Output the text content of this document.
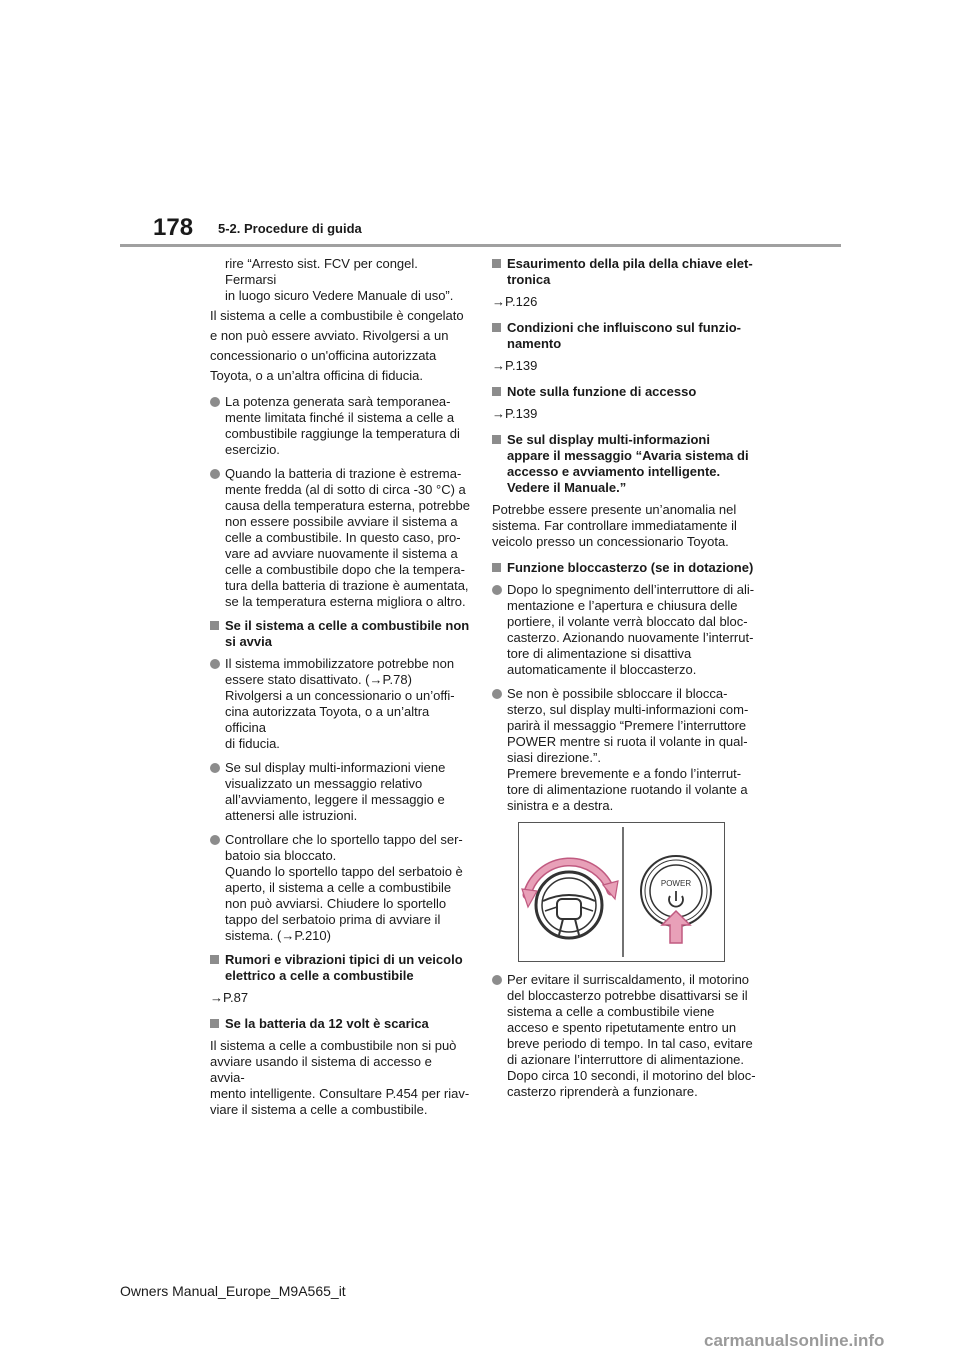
178 5-2. Procedure di guida

rire “Arresto sist. FCV per congel. Fermarsi
in luogo sicuro Vedere Manuale di uso”.

Il sistema a celle a combustibile è congelato

e non può essere avviato. Rivolgersi a un

concessionario o un'officina autorizzata

Toyota, o a un’altra officina di fiducia.

La potenza generata sarà temporanea-
mente limitata finché il sistema a celle a
combustibile raggiunge la temperatura di
esercizio.
Quando la batteria di trazione è estrema-
mente fredda (al di sotto di circa -30 °C) a
causa della temperatura esterna, potrebbe
non essere possibile avviare il sistema a
celle a combustibile. In questo caso, pro-
vare ad avviare nuovamente il sistema a
celle a combustibile dopo che la tempera-
tura della batteria di trazione è aumentata,
se la temperatura esterna migliora o altro.
Se il sistema a celle a combustibile non
si avvia
Il sistema immobilizzatore potrebbe non
essere stato disattivato. (→P.78)
Rivolgersi a un concessionario o un’offi-
cina autorizzata Toyota, o a un’altra officina
di fiducia.
Se sul display multi-informazioni viene
visualizzato un messaggio relativo
all’avviamento, leggere il messaggio e
attenersi alle istruzioni.
Controllare che lo sportello tappo del ser-
batoio sia bloccato.
Quando lo sportello tappo del serbatoio è
aperto, il sistema a celle a combustibile
non può avviarsi. Chiudere lo sportello
tappo del serbatoio prima di avviare il
sistema. (→P.210)
Rumori e vibrazioni tipici di un veicolo
elettrico a celle a combustibile

→P.87

Se la batteria da 12 volt è scarica

Il sistema a celle a combustibile non si può
avviare usando il sistema di accesso e avvia-
mento intelligente. Consultare P.454 per riav-
viare il sistema a celle a combustibile.

Esaurimento della pila della chiave elet-
tronica

→P.126

Condizioni che influiscono sul funzio-
namento

→P.139

Note sulla funzione di accesso

→P.139

Se sul display multi-informazioni
appare il messaggio “Avaria sistema di
accesso e avviamento intelligente.
Vedere il Manuale.”

Potrebbe essere presente un’anomalia nel
sistema. Far controllare immediatamente il
veicolo presso un concessionario Toyota.

Funzione bloccasterzo (se in dotazione)
Dopo lo spegnimento dell’interruttore di ali-
mentazione e l’apertura e chiusura delle
portiere, il volante verrà bloccato dal bloc-
casterzo. Azionando nuovamente l’interrut-
tore di alimentazione si disattiva
automaticamente il bloccasterzo.
Se non è possibile sbloccare il blocca-
sterzo, sul display multi-informazioni com-
parirà il messaggio “Premere l’interruttore
POWER mentre si ruota il volante in qual-
siasi direzione.”.
Premere brevemente e a fondo l’interrut-
tore di alimentazione ruotando il volante a
sinistra e a destra.
POWER
Per evitare il surriscaldamento, il motorino
del bloccasterzo potrebbe disattivarsi se il
sistema a celle a combustibile viene
acceso e spento ripetutamente entro un
breve periodo di tempo. In tal caso, evitare
di azionare l’interruttore di alimentazione.
Dopo circa 10 secondi, il motorino del bloc-
casterzo riprenderà a funzionare.
Owners Manual_Europe_M9A565_it
carmanualsonline.info
